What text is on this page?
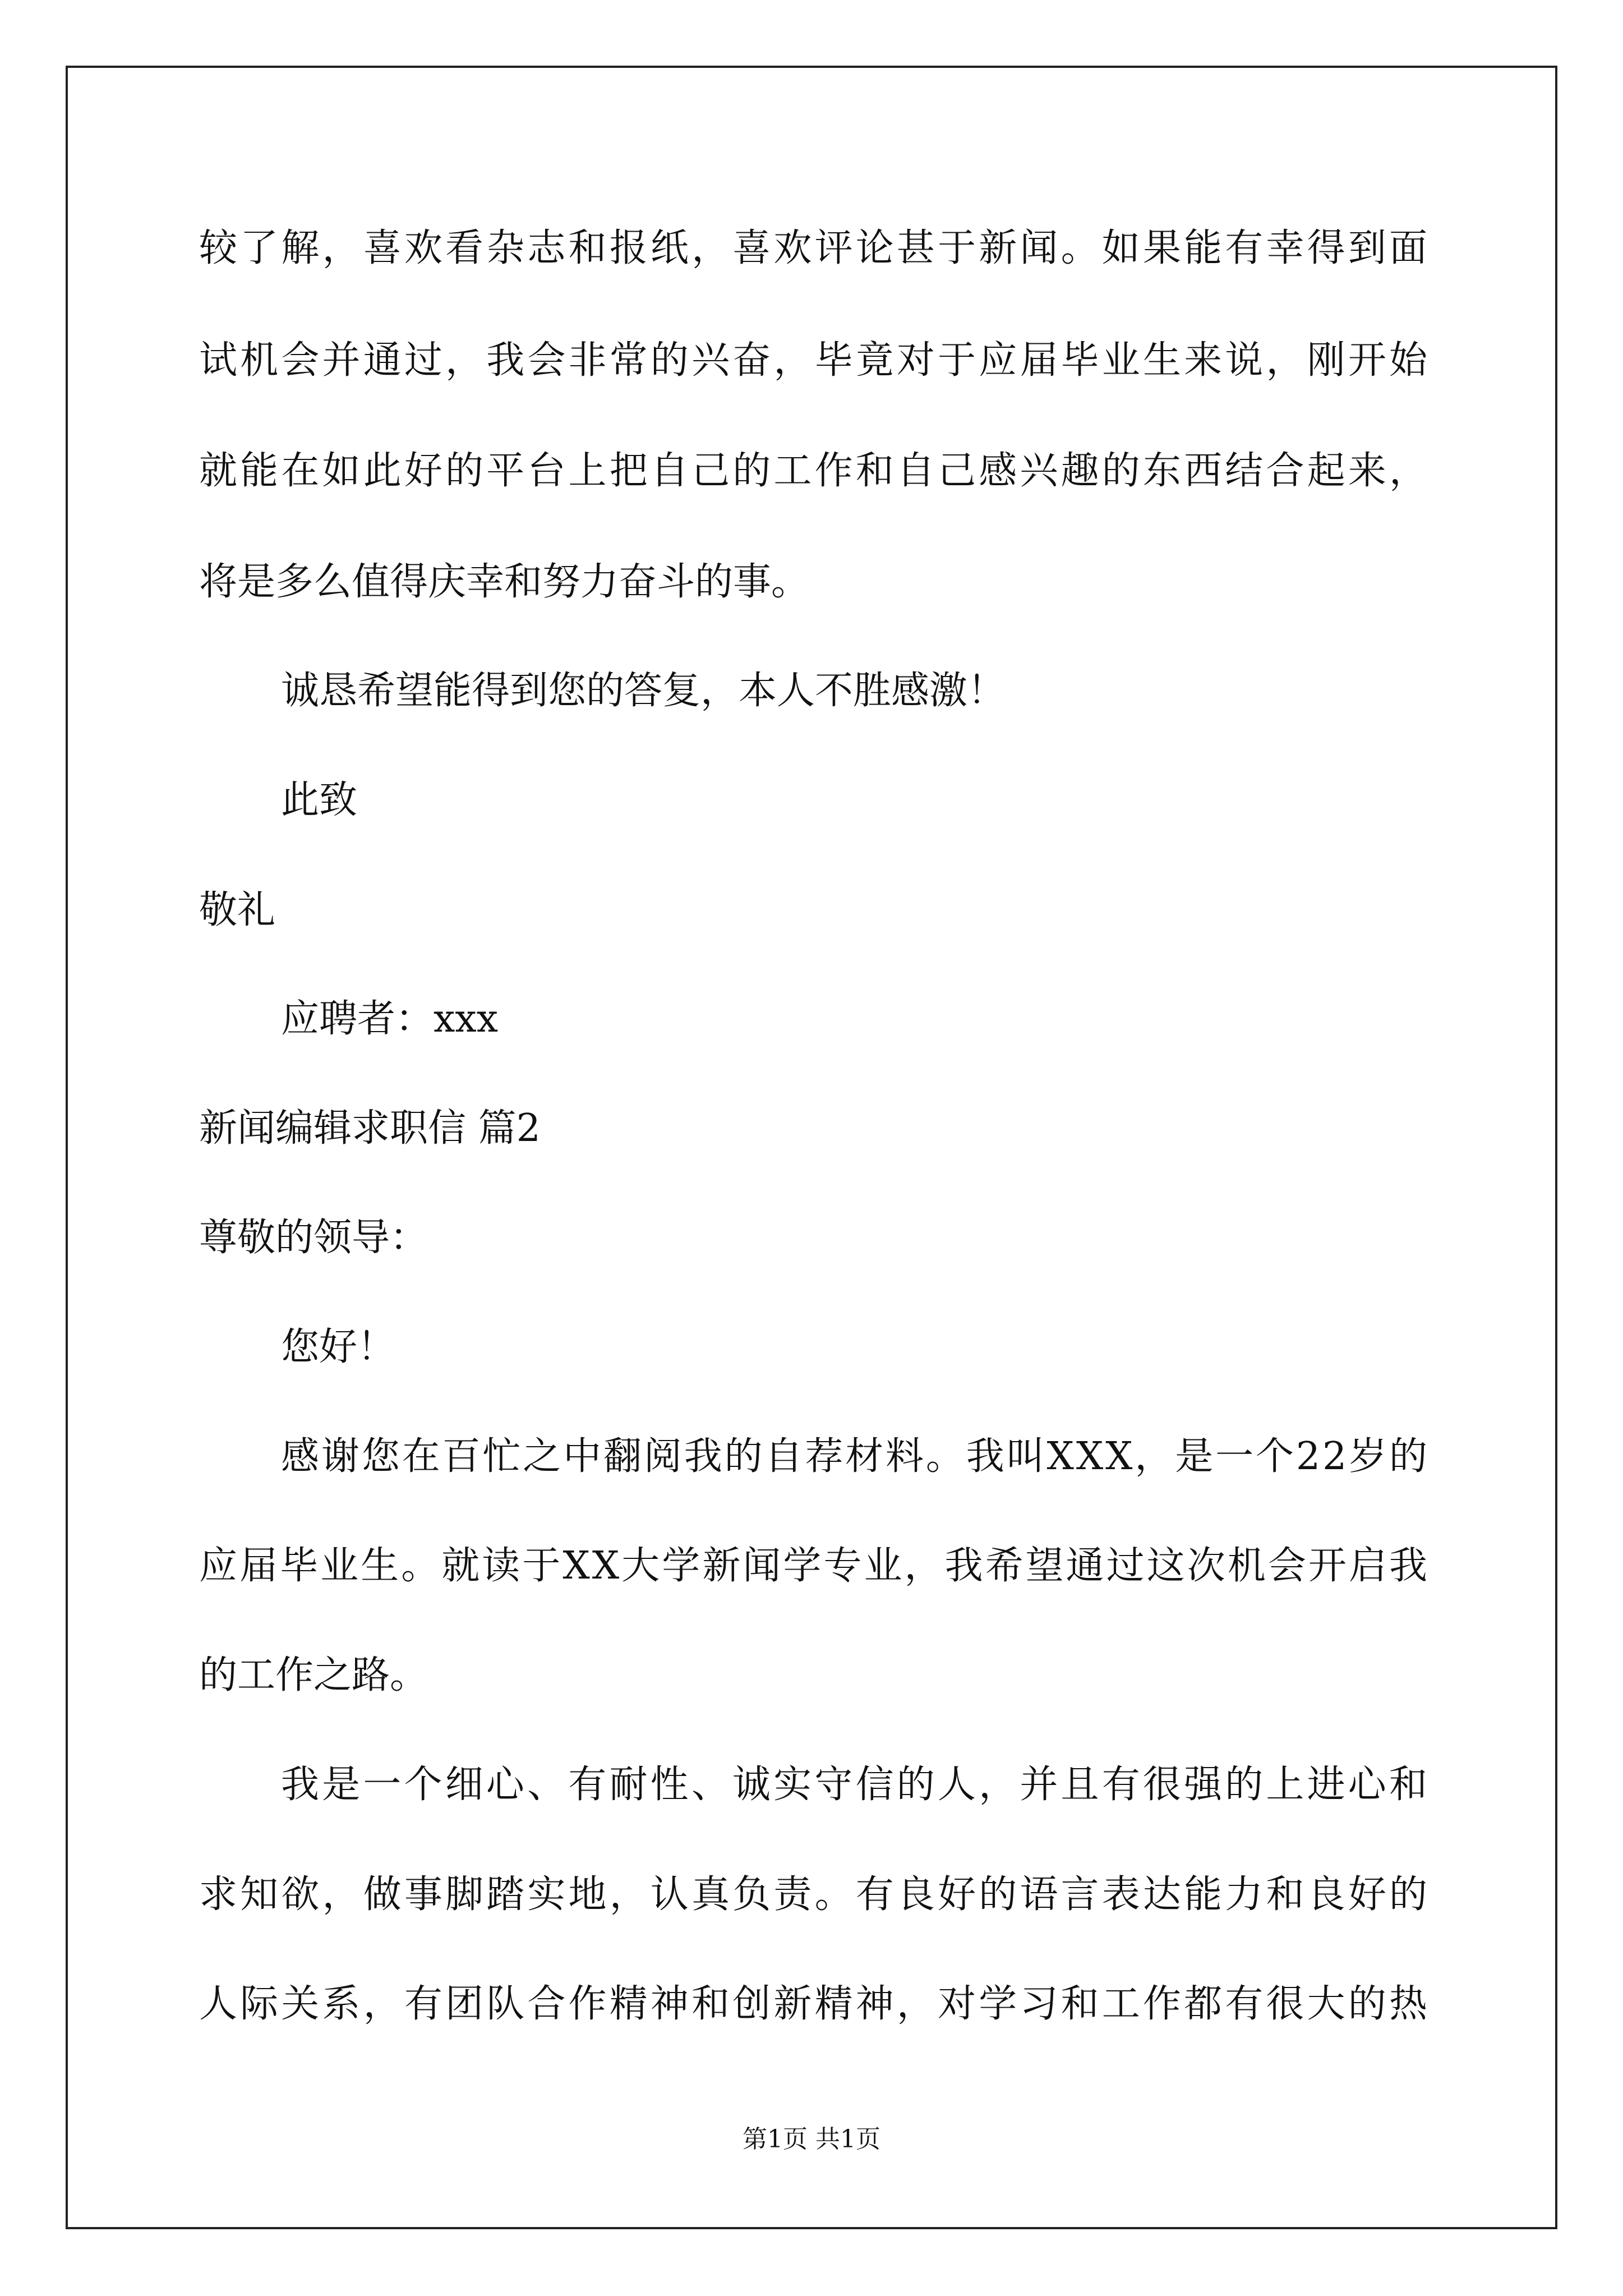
较了解，喜欢看杂志和报纸，喜欢评论甚于新闻。如果能有幸得到面
试机会并通过，我会非常的兴奋，毕竟对于应届毕业生来说，刚开始
就能在如此好的平台上把自己的工作和自己感兴趣的东西结合起来，
将是多么值得庆幸和努力奋斗的事。
诚恳希望能得到您的答复，本人不胜感激！
此致
敬礼
应聘者：xxx
新闻编辑求职信 篇2
尊敬的领导：
您好！
感谢您在百忙之中翻阅我的自荐材料。我叫XXX，是一个22岁的
应届毕业生。就读于XX大学新闻学专业，我希望通过这次机会开启我
的工作之路。
我是一个细心、有耐性、诚实守信的人，并且有很强的上进心和
求知欲，做事脚踏实地，认真负责。有良好的语言表达能力和良好的
人际关系，有团队合作精神和创新精神，对学习和工作都有很大的热
第1页 共1页
